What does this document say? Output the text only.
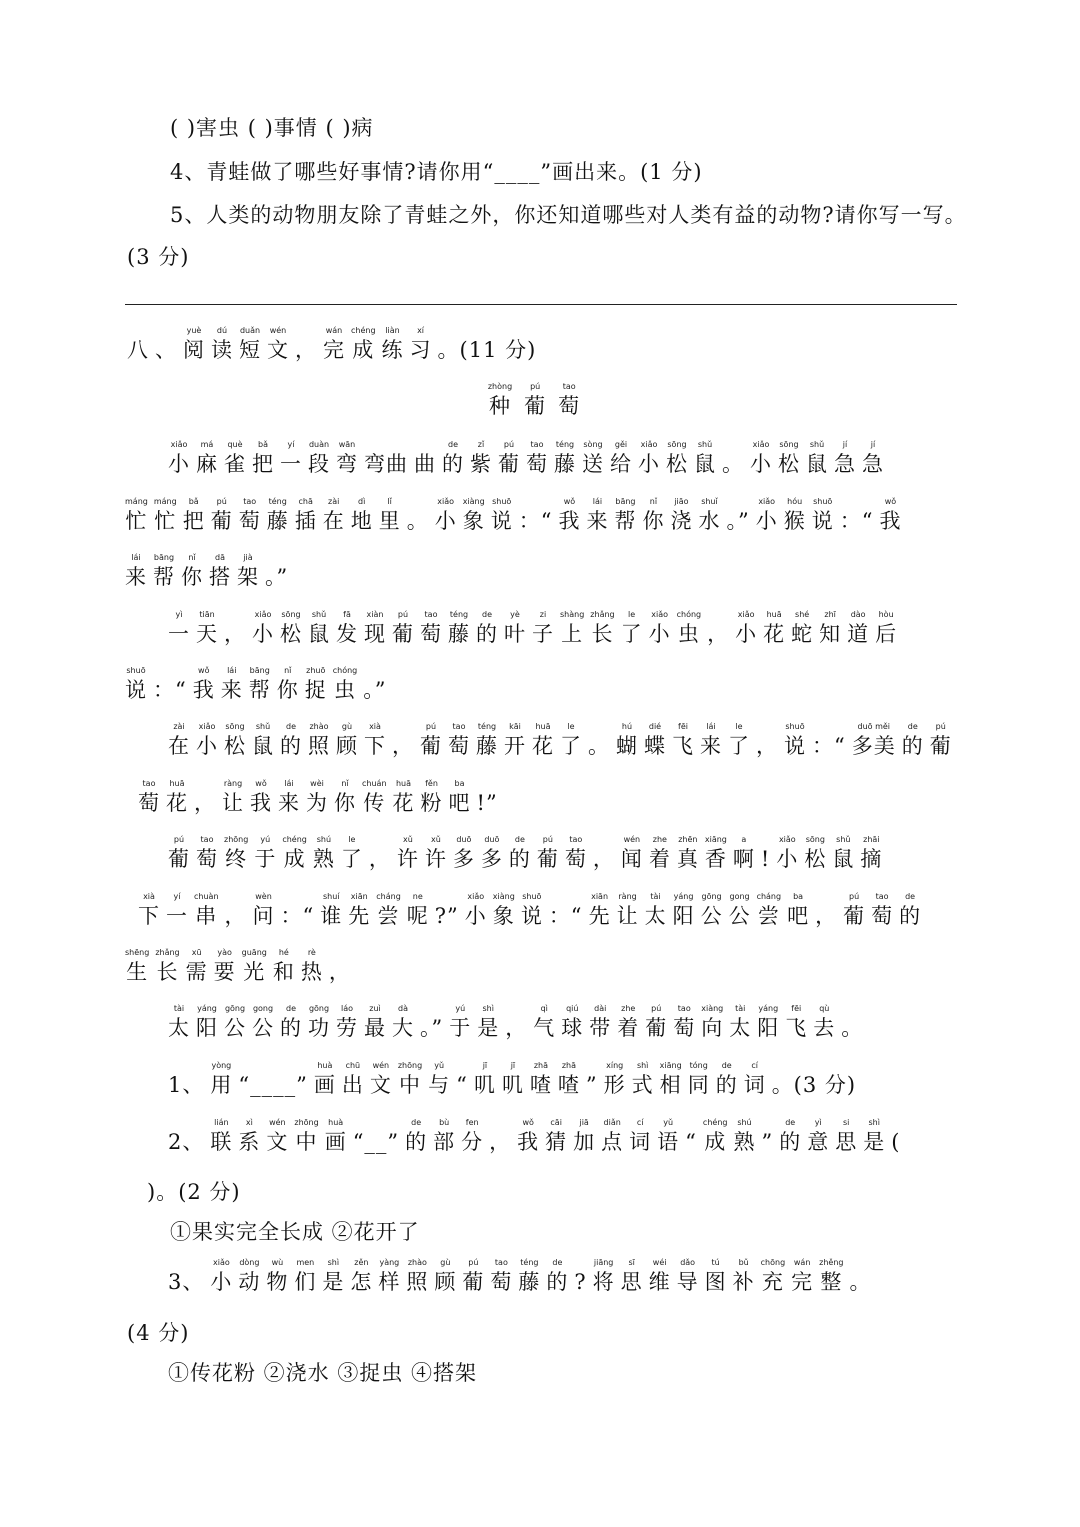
( )害虫 ( )事情 ( )病
4、青蛙做了哪些好事情?请你用“____”画出来。(1 分)
5、人类的动物朋友除了青蛙之外，你还知道哪些对人类有益的动物?请你写一写。
(3 分)
八 、
yuè
阅
dú
读
duǎn
短
wén
文 ，
wán
完
chéng
成
liàn
练
xí
习 。(11 分)
zhòng
种
pú
葡
tao
萄
xiǎo
小
má
麻
què
雀
bǎ
把
yí
一
duàn
段
wān
弯 弯曲 曲
de
的
zǐ
紫
pú
葡
tao
萄
téng
藤
sòng
送
gěi
给
xiǎo
小
sōng
松
shǔ
鼠 。
xiǎo
小
sōng
松
shǔ
鼠
jí
急
jí
急
máng
忙
máng
忙
bǎ
把
pú
葡
tao
萄
téng
藤
chā
插
zài
在
dì
地
lǐ
里 。
xiǎo
小
xiàng
象
shuō
说 ：“
wǒ
我
lái
来
bāng
帮
nǐ
你
jiāo
浇
shuǐ
水 。”
xiǎo
小
hóu
猴
shuō
说 ：“
wǒ
我
lái
来
bāng
帮
nǐ
你
dā
搭
jià
架 。”
yì
一
tiān
天 ，
xiǎo
小
sōng
松
shǔ
鼠
fā
发
xiàn
现
pú
葡
tao
萄
téng
藤
de
的
yè
叶
zi
子
shàng
上
zhǎng
长
le
了
xiǎo
小
chóng
虫 ，
xiǎo
小
huā
花
shé
蛇
zhī
知
dào
道
hòu
后
shuō
说 ：“
wǒ
我
lái
来
bāng
帮
nǐ
你
zhuō
捉
chóng
虫 。”
zài
在
xiǎo
小
sōng
松
shǔ
鼠
de
的
zhào
照
gù
顾
xià
下 ，
pú
葡
tao
萄
téng
藤
kāi
开
huā
花
le
了 。
hú
蝴
dié
蝶
fēi
飞
lái
来
le
了 ，
shuō
说 ：“
duō měi
多美
de
的
pú
葡
tao
萄
huā
花 ，
ràng
让
wǒ
我
lái
来
wèi
为
nǐ
你
chuán
传
huā
花
fěn
粉
ba
吧 !”
pú
葡
tao
萄
zhōng
终
yú
于
chéng
成
shú
熟
le
了 ，
xǔ
许
xǔ
许
duō
多
duō
多
de
的
pú
葡
tao
萄 ，
wén
闻
zhe
着
zhēn
真
xiāng
香
a
啊 !
xiǎo
小
sōng
松
shǔ
鼠
zhāi
摘
xià
下
yí
一
chuàn
串 ，
wèn
问 ：“
shuí
谁
xiān
先
cháng
尝
ne
呢 ?”
xiǎo
小
xiàng
象
shuō
说 ：“
xiān
先
ràng
让
tài
太
yáng
阳
gōng
公
gong
公
cháng
尝
ba
吧 ，
pú
葡
tao
萄
de
的
shēng
生
zhǎng
长
xū
需
yào
要
guāng
光
hé
和
rè
热 ，
tài
太
yáng
阳
gōng
公
gong
公
de
的
gōng
功
láo
劳
zuì
最
dà
大 。”
yú
于
shì
是 ，
qì
气
qiú
球
dài
带
zhe
着
pú
葡
tao
萄
xiàng
向
tài
太
yáng
阳
fēi
飞
qù
去 。
1、
yòng
用 “____”
huà
画
chū
出
wén
文
zhōng
中
yǔ
与 “
jī
叽
jī
叽
zhā
喳
zhā
喳 ”
xíng
形
shì
式
xiāng
相
tóng
同
de
的
cí
词 。(3 分)
2、
lián
联
xì
系
wén
文
zhōng
中
huà
画 “__”
de
的
bù
部
fen
分 ，
wǒ
我
cāi
猜
jiā
加
diǎn
点
cí
词
yǔ
语 “
chéng
成
shú
熟 ”
de
的
yì
意
si
思
shì
是 (
3、
xiǎo
小
dòng
动
wù
物
men
们
shì
是
zěn
怎
yàng
样
zhào
照
gù
顾
pú
葡
tao
萄
téng
藤
de
的 ?
jiāng
将
sī
思
wéi
维
dǎo
导
tú
图
bǔ
补
chōng
充
wán
完
zhěng
整 。
)。(2 分)
①果实完全长成 ②花开了
(4 分)
①传花粉 ②浇水 ③捉虫 ④搭架
